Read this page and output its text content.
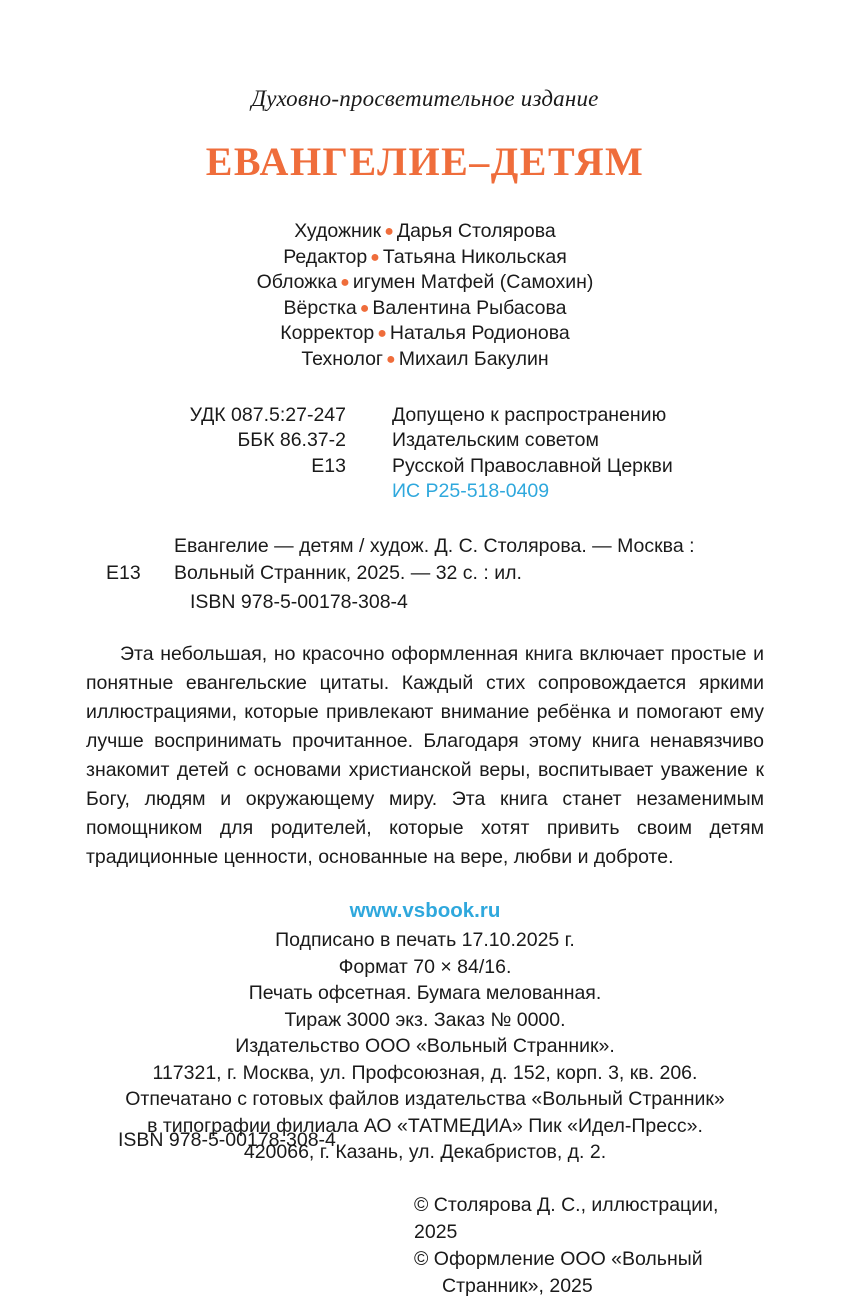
Духовно-просветительное издание
ЕВАНГЕЛИЕ–ДЕТЯМ
Художник ● Дарья Столярова
Редактор ● Татьяна Никольская
Обложка ● игумен Матфей (Самохин)
Вёрстка ● Валентина Рыбасова
Корректор ● Наталья Родионова
Технолог ● Михаил Бакулин
УДК 087.5:27-247
ББК 86.37-2
Е13
Допущено к распространению
Издательским советом
Русской Православной Церкви
ИС Р25-518-0409
Евангелие — детям / худож. Д. С. Столярова. — Москва :
Е13	Вольный Странник, 2025. — 32 с. : ил.
ISBN 978-5-00178-308-4

Эта небольшая, но красочно оформленная книга включает простые и понятные евангельские цитаты. Каждый стих сопровождается яркими иллюстрациями, которые привлекают внимание ребёнка и помогают ему лучше воспринимать прочитанное. Благодаря этому книга ненавязчиво знакомит детей с основами христианской веры, воспитывает уважение к Богу, людям и окружающему миру. Эта книга станет незаменимым помощником для родителей, которые хотят привить своим детям традиционные ценности, основанные на вере, любви и доброте.

www.vsbook.ru
Подписано в печать 17.10.2025 г.
Формат 70 × 84/16.
Печать офсетная. Бумага мелованная.
Тираж 3000 экз. Заказ № 0000.
Издательство ООО «Вольный Странник».
117321, г. Москва, ул. Профсоюзная, д. 152, корп. 3, кв. 206.
Отпечатано с готовых файлов издательства «Вольный Странник»
в типографии филиала АО «ТАТМЕДИА» Пик «Идел-Пресс».
420066, г. Казань, ул. Декабристов, д. 2.
© Столярова Д. С., иллюстрации, 2025
© Оформление ООО «Вольный
Странник», 2025
ISBN 978-5-00178-308-4
